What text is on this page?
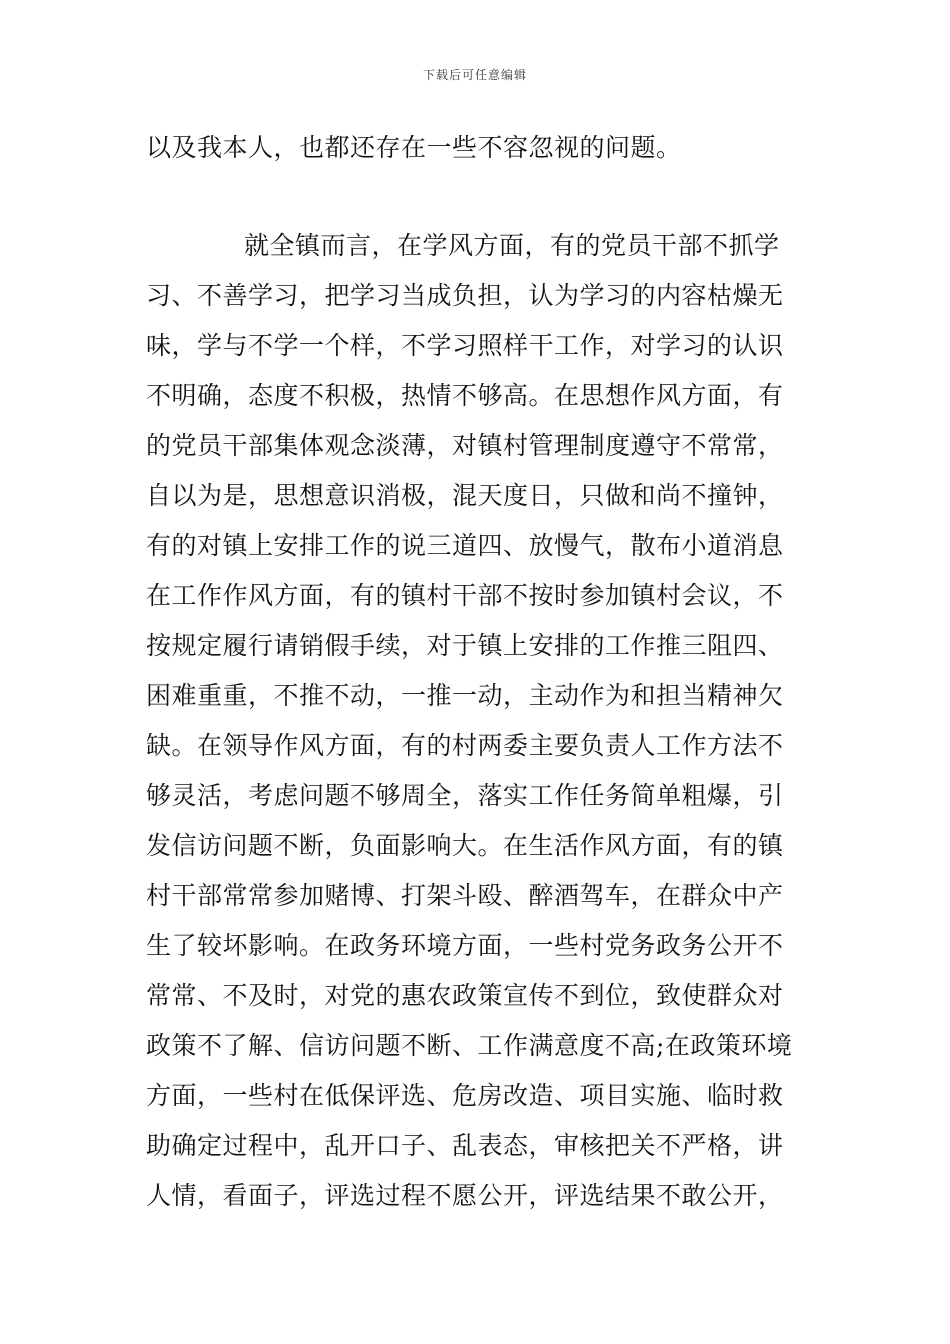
下载后可任意编辑
以及我本人，也都还存在一些不容忽视的问题。
就全镇而言，在学风方面，有的党员干部不抓学
习、不善学习，把学习当成负担，认为学习的内容枯燥无
味，学与不学一个样，不学习照样干工作，对学习的认识
不明确，态度不积极，热情不够高。在思想作风方面，有
的党员干部集体观念淡薄，对镇村管理制度遵守不常常，
自以为是，思想意识消极，混天度日，只做和尚不撞钟，
有的对镇上安排工作的说三道四、放慢气，散布小道消息
在工作作风方面，有的镇村干部不按时参加镇村会议，不
按规定履行请销假手续，对于镇上安排的工作推三阻四、
困难重重，不推不动，一推一动，主动作为和担当精神欠
缺。在领导作风方面，有的村两委主要负责人工作方法不
够灵活，考虑问题不够周全，落实工作任务简单粗爆，引
发信访问题不断，负面影响大。在生活作风方面，有的镇
村干部常常参加赌博、打架斗殴、醉酒驾车，在群众中产
生了较坏影响。在政务环境方面，一些村党务政务公开不
常常、不及时，对党的惠农政策宣传不到位，致使群众对
政策不了解、信访问题不断、工作满意度不高;在政策环境
方面，一些村在低保评选、危房改造、项目实施、临时救
助确定过程中，乱开口子、乱表态，审核把关不严格，讲
人情，看面子，评选过程不愿公开，评选结果不敢公开，
